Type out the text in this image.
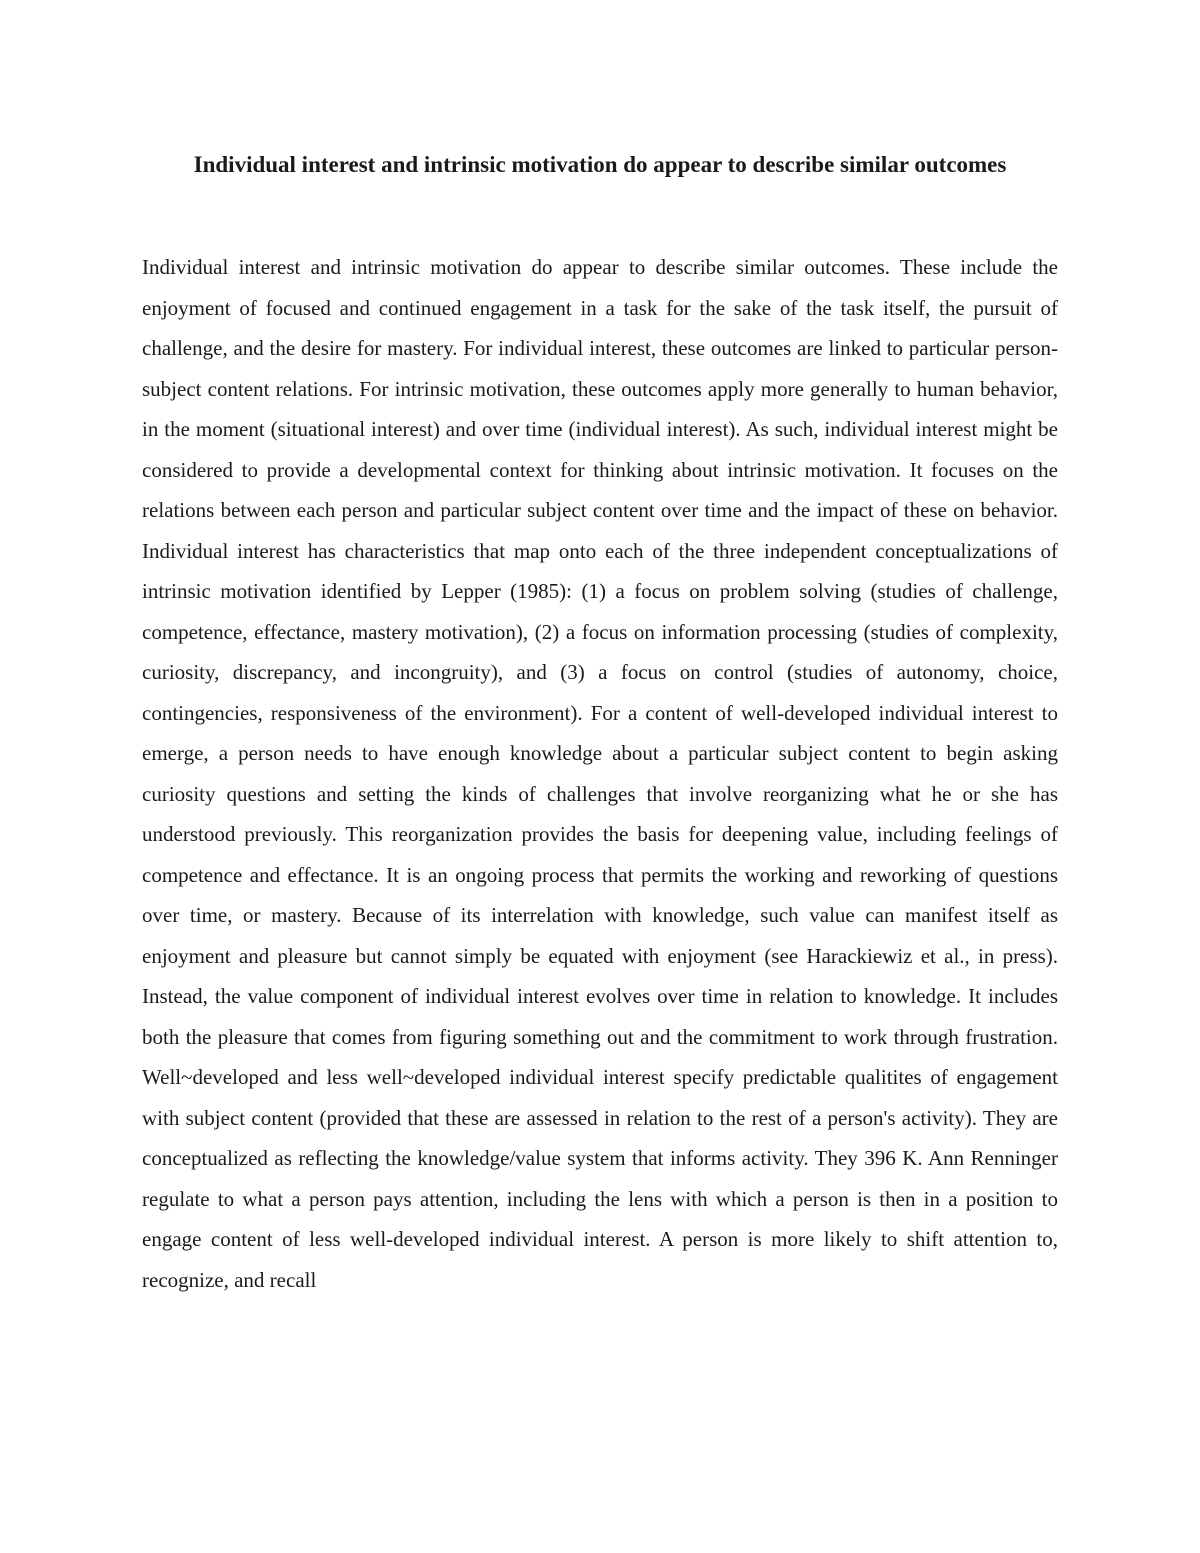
Individual interest and intrinsic motivation do appear to describe similar outcomes

Individual interest and intrinsic motivation do appear to describe similar outcomes. These include the enjoyment of focused and continued engagement in a task for the sake of the task itself, the pursuit of challenge, and the desire for mastery. For individual interest, these outcomes are linked to particular person-subject content relations. For intrinsic motivation, these outcomes apply more generally to human behavior, in the moment (situational interest) and over time (individual interest). As such, individual interest might be considered to provide a developmental context for thinking about intrinsic motivation. It focuses on the relations between each person and particular subject content over time and the impact of these on behavior. Individual interest has characteristics that map onto each of the three independent conceptualizations of intrinsic motivation identified by Lepper (1985): (1) a focus on problem solving (studies of challenge, competence, effectance, mastery motivation), (2) a focus on information processing (studies of complexity, curiosity, discrepancy, and incongruity), and (3) a focus on control (studies of autonomy, choice, contingencies, responsiveness of the environment). For a content of well-developed individual interest to emerge, a person needs to have enough knowledge about a particular subject content to begin asking curiosity questions and setting the kinds of challenges that involve reorganizing what he or she has understood previously. This reorganization provides the basis for deepening value, including feelings of competence and effectance. It is an ongoing process that permits the working and reworking of questions over time, or mastery. Because of its interrelation with knowledge, such value can manifest itself as enjoyment and pleasure but cannot simply be equated with enjoyment (see Harackiewiz et al., in press). Instead, the value component of individual interest evolves over time in relation to knowledge. It includes both the pleasure that comes from figuring something out and the commitment to work through frustration. Well~developed and less well~developed individual interest specify predictable qualitites of engagement with subject content (provided that these are assessed in relation to the rest of a person's activity). They are conceptualized as reflecting the knowledge/value system that informs activity. They 396 K. Ann Renninger regulate to what a person pays attention, including the lens with which a person is then in a position to engage content of less well-developed individual interest. A person is more likely to shift attention to, recognize, and recall
